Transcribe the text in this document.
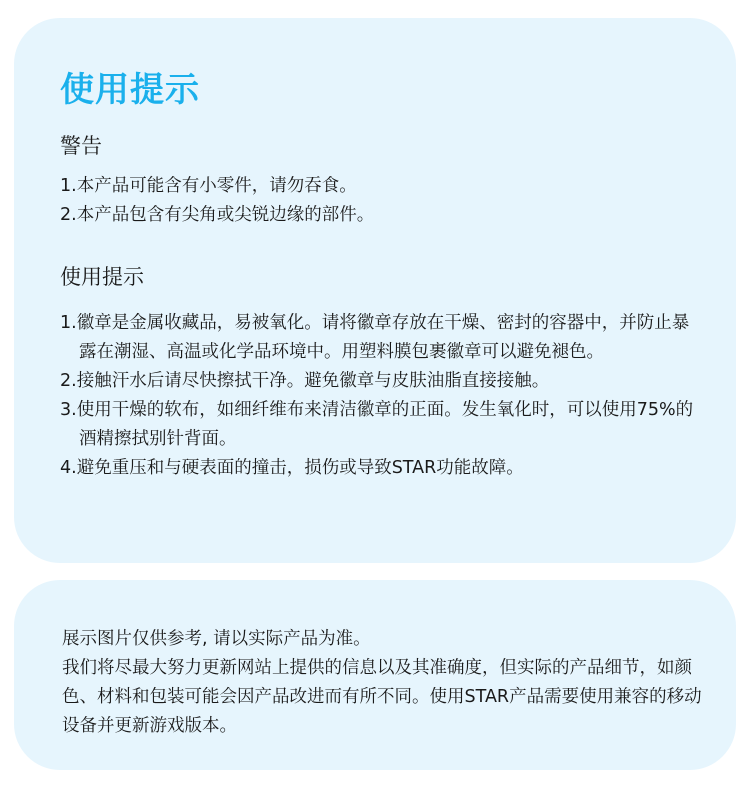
使用提示
警告
1.本产品可能含有小零件，请勿吞食。
2.本产品包含有尖角或尖锐边缘的部件。
使用提示
1.徽章是金属收藏品，易被氧化。请将徽章存放在干燥、密封的容器中，并防止暴露在潮湿、高温或化学品环境中。用塑料膜包裹徽章可以避免褪色。
2.接触汗水后请尽快擦拭干净。避免徽章与皮肤油脂直接接触。
3.使用干燥的软布，如细纤维布来清洁徽章的正面。发生氧化时，可以使用75%的酒精擦拭别针背面。
4.避免重压和与硬表面的撞击，损伤或导致STAR功能故障。

展示图片仅供参考, 请以实际产品为准。

我们将尽最大努力更新网站上提供的信息以及其准确度，但实际的产品细节，如颜色、材料和包装可能会因产品改进而有所不同。使用STAR产品需要使用兼容的移动设备并更新游戏版本。
